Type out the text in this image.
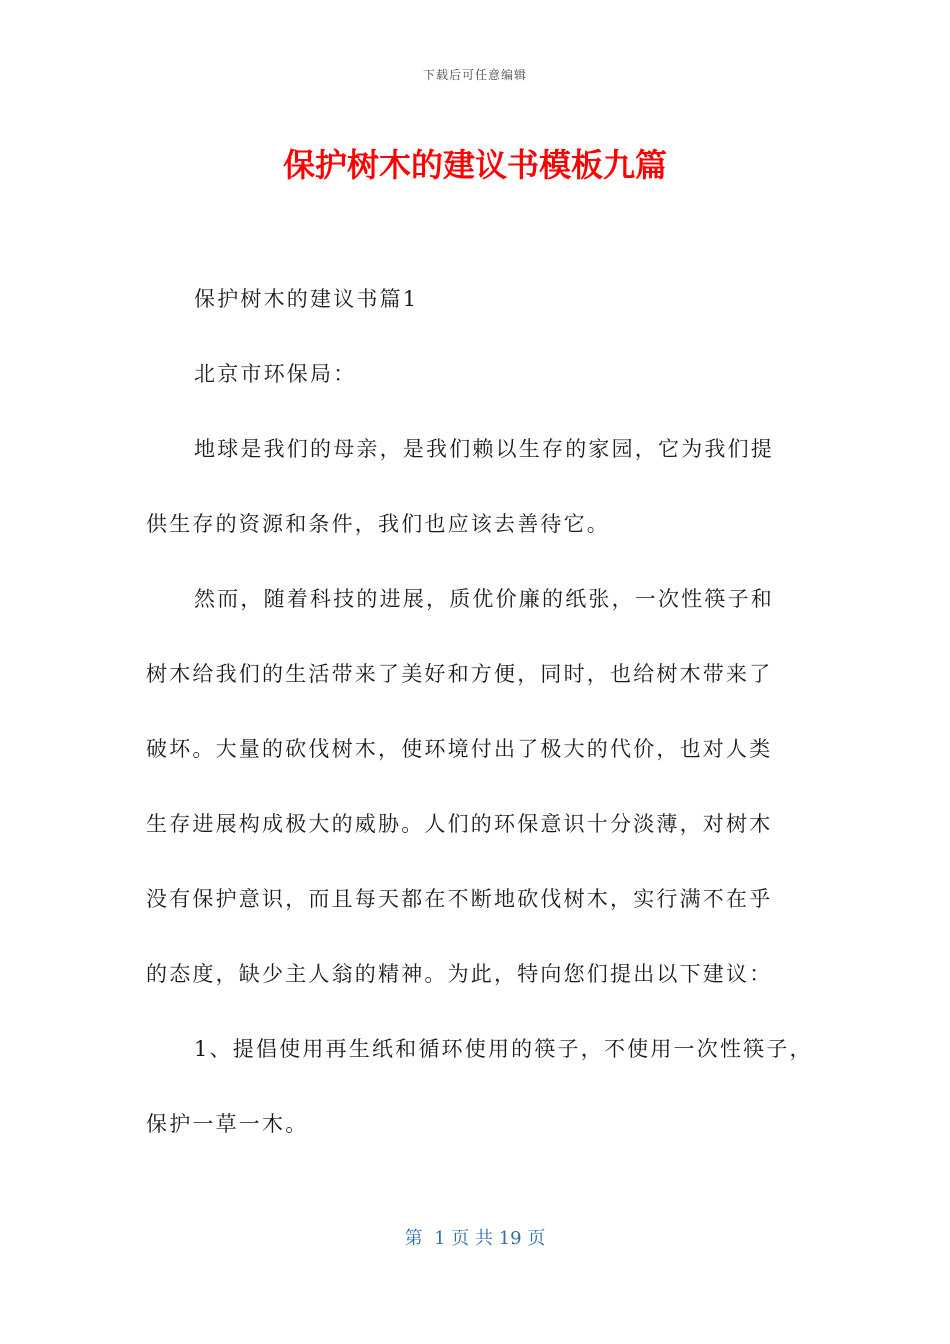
下载后可任意编辑
保护树木的建议书模板九篇
保护树木的建议书篇1
北京市环保局：
地球是我们的母亲，是我们赖以生存的家园，它为我们提
供生存的资源和条件，我们也应该去善待它。
然而，随着科技的进展，质优价廉的纸张，一次性筷子和
树木给我们的生活带来了美好和方便，同时，也给树木带来了
破坏。大量的砍伐树木，使环境付出了极大的代价，也对人类
生存进展构成极大的威胁。人们的环保意识十分淡薄，对树木
没有保护意识，而且每天都在不断地砍伐树木，实行满不在乎
的态度，缺少主人翁的精神。为此，特向您们提出以下建议：
1、提倡使用再生纸和循环使用的筷子，不使用一次性筷子，
保护一草一木。
第  1 页 共 19 页
